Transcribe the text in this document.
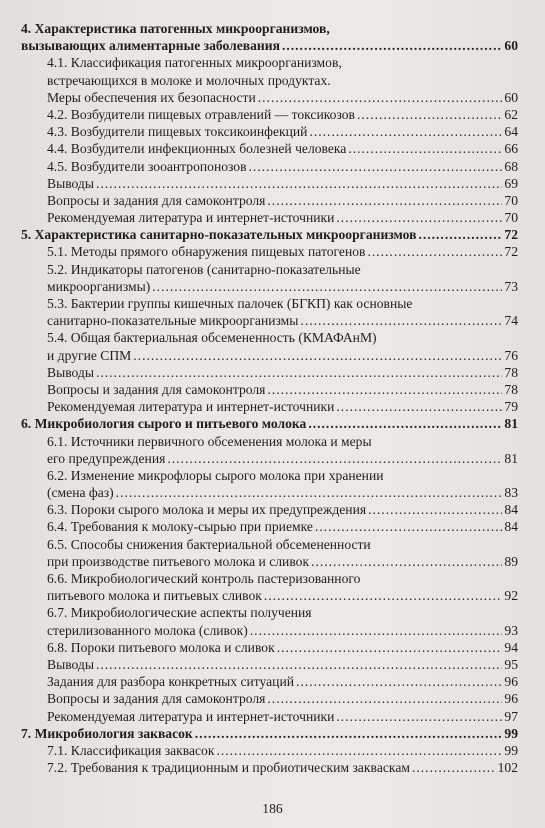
4. Характеристика патогенных микроорганизмов,
вызывающих алиментарные заболевания .....	60
4.1. Классификация патогенных микроорганизмов,
встречающихся в молоке и молочных продуктах.
Меры обеспечения их безопасности .....	60
4.2. Возбудители пищевых отравлений — токсикозов .....	62
4.3. Возбудители пищевых токсикоинфекций .....	64
4.4. Возбудители инфекционных болезней человека .....	66
4.5. Возбудители зооантропонозов .....	68
Выводы .....	69
Вопросы и задания для самоконтроля .....	70
Рекомендуемая литература и интернет-источники .....	70
5. Характеристика санитарно-показательных микроорганизмов .....	72
5.1. Методы прямого обнаружения пищевых патогенов .....	72
5.2. Индикаторы патогенов (санитарно-показательные
микроорганизмы) .....	73
5.3. Бактерии группы кишечных палочек (БГКП) как основные
санитарно-показательные микроорганизмы .....	74
5.4. Общая бактериальная обсемененность (КМАФАнМ)
и другие СПМ .....	76
Выводы .....	78
Вопросы и задания для самоконтроля .....	78
Рекомендуемая литература и интернет-источники .....	79
6. Микробиология сырого и питьевого молока .....	81
6.1. Источники первичного обсеменения молока и меры
его предупреждения .....	81
6.2. Изменение микрофлоры сырого молока при хранении
(смена фаз) .....	83
6.3. Пороки сырого молока и меры их предупреждения .....	84
6.4. Требования к молоку-сырью при приемке .....	84
6.5. Способы снижения бактериальной обсемененности
при производстве питьевого молока и сливок .....	89
6.6. Микробиологический контроль пастеризованного
питьевого молока и питьевых сливок .....	92
6.7. Микробиологические аспекты получения
стерилизованного молока (сливок) .....	93
6.8. Пороки питьевого молока и сливок .....	94
Выводы .....	95
Задания для разбора конкретных ситуаций .....	96
Вопросы и задания для самоконтроля .....	96
Рекомендуемая литература и интернет-источники .....	97
7. Микробиология заквасок .....	99
7.1. Классификация заквасок .....	99
7.2. Требования к традиционным и пробиотическим заквaскам .....	102
186
